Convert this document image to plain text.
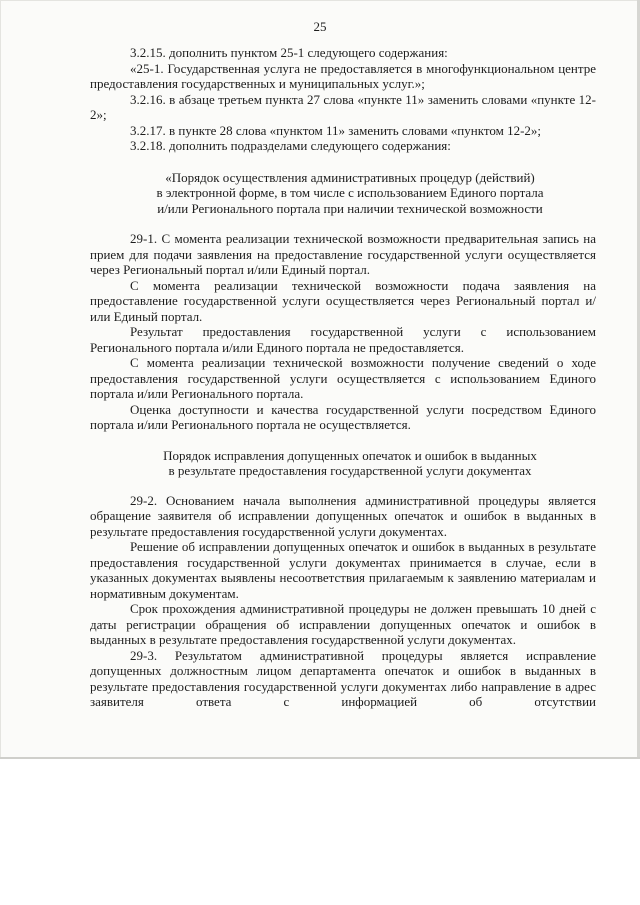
25

3.2.15. дополнить пунктом 25-1 следующего содержания:

«25-1. Государственная услуга не предоставляется в многофункциональном центре предоставления государственных и муниципальных услуг.»;

3.2.16. в абзаце третьем пункта 27 слова «пункте 11» заменить словами «пункте 12-2»;

3.2.17. в пункте 28 слова «пунктом 11» заменить словами «пунктом 12-2»;

3.2.18. дополнить подразделами следующего содержания:

«Порядок осуществления административных процедур (действий)
в электронной форме, в том числе с использованием Единого портала
и/или Регионального портала при наличии технической возможности

29-1. С момента реализации технической возможности предварительная запись на прием для подачи заявления на предоставление государственной услуги осуществляется через Региональный портал и/или Единый портал.

С момента реализации технической возможности подача заявления на предоставление государственной услуги осуществляется через Региональный портал и/или Единый портал.

Результат предоставления государственной услуги с использованием Регионального портала и/или Единого портала не предоставляется.

С момента реализации технической возможности получение сведений о ходе предоставления государственной услуги осуществляется с использованием Единого портала и/или Регионального портала.

Оценка доступности и качества государственной услуги посредством Единого портала и/или Регионального портала не осуществляется.

Порядок исправления допущенных опечаток и ошибок в выданных
в результате предоставления государственной услуги документах

29-2. Основанием начала выполнения административной процедуры является обращение заявителя об исправлении допущенных опечаток и ошибок в выданных в результате предоставления государственной услуги документах.

Решение об исправлении допущенных опечаток и ошибок в выданных в результате предоставления государственной услуги документах принимается в случае, если в указанных документах выявлены несоответствия прилагаемым к заявлению материалам и нормативным документам.

Срок прохождения административной процедуры не должен превышать 10 дней с даты регистрации обращения об исправлении допущенных опечаток и ошибок в выданных в результате предоставления государственной услуги документах.

29-3. Результатом административной процедуры является исправление допущенных должностным лицом департамента опечаток и ошибок в выданных в результате предоставления государственной услуги документах либо направление в адрес заявителя ответа с информацией об отсутствии
